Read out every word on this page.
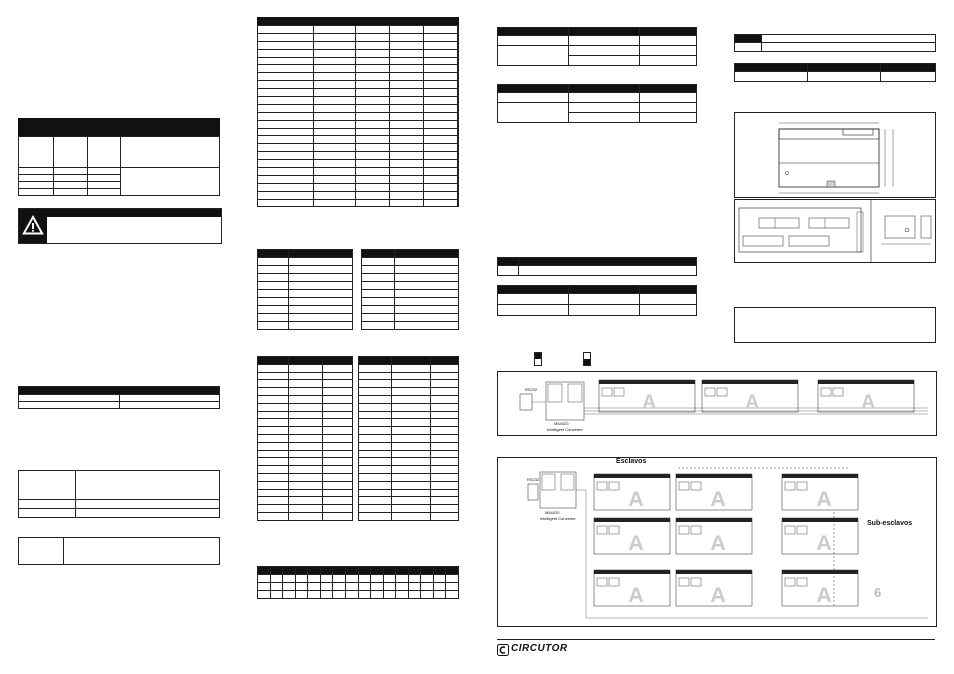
A	A	A
RS232
M54020
Intelligent Converter
A	A	A
A	A	A
A	A	A
Esclavos
Sub-esclavos
RS232
M54020
Intelligent Converter
6
CIRCUTOR
